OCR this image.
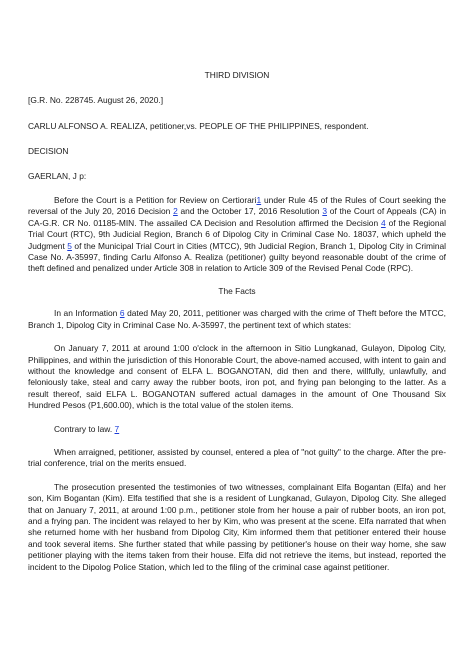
THIRD DIVISION

[G.R. No. 228745. August 26, 2020.]

CARLU ALFONSO A. REALIZA, petitioner,vs. PEOPLE OF THE PHILIPPINES, respondent.

DECISION

GAERLAN, J p:

Before the Court is a Petition for Review on Certiorari1 under Rule 45 of the Rules of Court seeking the reversal of the July 20, 2016 Decision 2 and the October 17, 2016 Resolution 3 of the Court of Appeals (CA) in CA-G.R. CR No. 01185-MIN. The assailed CA Decision and Resolution affirmed the Decision 4 of the Regional Trial Court (RTC), 9th Judicial Region, Branch 6 of Dipolog City in Criminal Case No. 18037, which upheld the Judgment 5 of the Municipal Trial Court in Cities (MTCC), 9th Judicial Region, Branch 1, Dipolog City in Criminal Case No. A-35997, finding Carlu Alfonso A. Realiza (petitioner) guilty beyond reasonable doubt of the crime of theft defined and penalized under Article 308 in relation to Article 309 of the Revised Penal Code (RPC).

The Facts

In an Information 6 dated May 20, 2011, petitioner was charged with the crime of Theft before the MTCC, Branch 1, Dipolog City in Criminal Case No. A-35997, the pertinent text of which states:

On January 7, 2011 at around 1:00 o'clock in the afternoon in Sitio Lungkanad, Gulayon, Dipolog City, Philippines, and within the jurisdiction of this Honorable Court, the above-named accused, with intent to gain and without the knowledge and consent of ELFA L. BOGANOTAN, did then and there, willfully, unlawfully, and feloniously take, steal and carry away the rubber boots, iron pot, and frying pan belonging to the latter. As a result thereof, said ELFA L. BOGANOTAN suffered actual damages in the amount of One Thousand Six Hundred Pesos (P1,600.00), which is the total value of the stolen items.

Contrary to law. 7

When arraigned, petitioner, assisted by counsel, entered a plea of "not guilty" to the charge. After the pre-trial conference, trial on the merits ensued.

The prosecution presented the testimonies of two witnesses, complainant Elfa Bogantan (Elfa) and her son, Kim Bogantan (Kim). Elfa testified that she is a resident of Lungkanad, Gulayon, Dipolog City. She alleged that on January 7, 2011, at around 1:00 p.m., petitioner stole from her house a pair of rubber boots, an iron pot, and a frying pan. The incident was relayed to her by Kim, who was present at the scene. Elfa narrated that when she returned home with her husband from Dipolog City, Kim informed them that petitioner entered their house and took several items. She further stated that while passing by petitioner's house on their way home, she saw petitioner playing with the items taken from their house. Elfa did not retrieve the items, but instead, reported the incident to the Dipolog Police Station, which led to the filing of the criminal case against petitioner.
